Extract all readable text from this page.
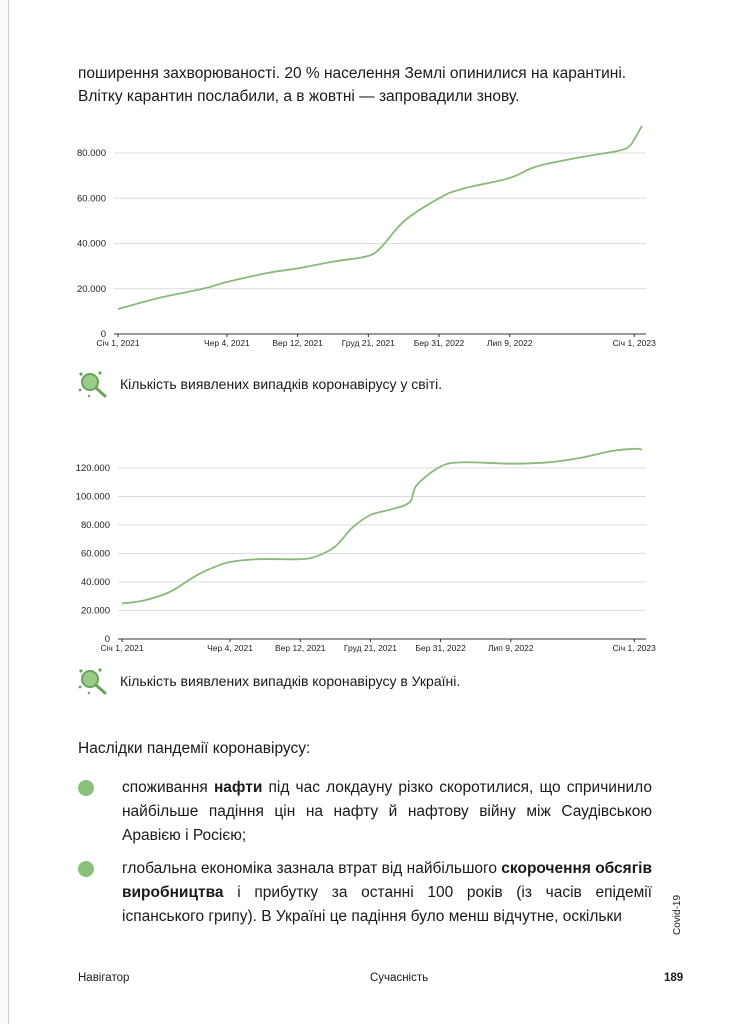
поширення захворюваності. 20 % населення Землі опинилися на карантині.

Влітку карантин послабили, а в жовтні — запровадили знову.

0
20.000
40.000
60.000
80.000
Січ 1, 2021	Чер 4, 2021	Вер 12, 2021 Груд 21, 2021 Бер 31, 2022	Лип 9, 2022	Січ 1, 2023
Кількість виявлених випадків коронавірусу у світі.
0
20.000
40.000
60.000
80.000
100.000
120.000
Січ 1, 2021	Чер 4, 2021	Вер 12, 2021 Груд 21, 2021 Бер 31, 2022	Лип 9, 2022	Січ 1, 2023
Кількість виявлених випадків коронавірусу в Україні.
Наслідки пандемії коронавірусу:
споживання нафти під час локдауну різко скоротилися, що спричинило найбільше падіння цін на нафту й нафтову війну між Саудівською Аравією і Росією;
глобальна економіка зазнала втрат від найбільшого скорочення обсягів виробництва і прибутку за останні 100 років (із часів епідемії іспанського грипу). В Україні це падіння було менш відчутне, оскільки	Covid-19
Навігатор	Сучасність	189
